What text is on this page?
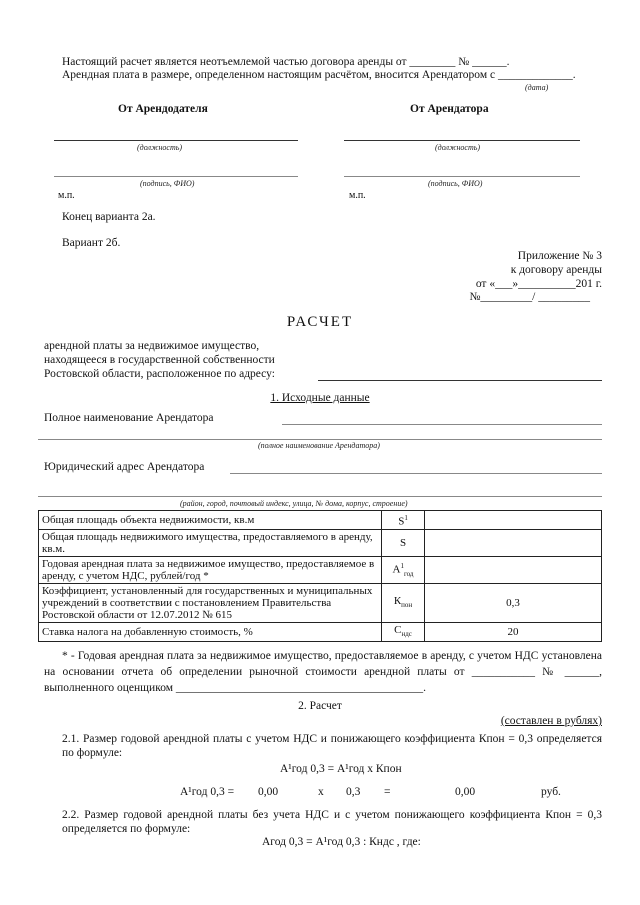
Настоящий расчет является неотъемлемой частью договора аренды от ________ № ______.
Арендная плата в размере, определенном настоящим расчётом, вносится Арендатором с _____________.
(дата)
От Арендодателя	От Арендатора
(должность)	(должность)
(подпись, ФИО)	(подпись, ФИО)
м.п.	м.п.
Конец варианта 2а.
Вариант 2б.
Приложение № 3
к договору аренды
от «___»__________201 г.
№_________/ _________
РАСЧЕТ
арендной платы за недвижимое имущество,
находящееся в государственной собственности
Ростовской области, расположенное по адресу:
1. Исходные данные
Полное наименование Арендатора
(полное наименование Арендатора)
Юридический адрес Арендатора
(район, город, почтовый индекс, улица, № дома, корпус, строение)
Общая площадь объекта недвижимости, кв.м	$S^1$	
Общая площадь недвижимого имущества, предоставляемого в аренду, кв.м.	S	
Годовая арендная плата за недвижимое имущество, предоставляемое в аренду, с учетом НДС, рублей/год *	$А^1_{год}$	
Коэффициент, установленный для государственных и муниципальных учреждений в соответствии с постановлением Правительства Ростовской области от 12.07.2012 № 615	$К_{пон}$	0,3
Ставка налога на добавленную стоимость, %	$С_{ндс}$	20
* - Годовая арендная плата за недвижимое имущество, предоставляемое в аренду, с учетом НДС установлена на основании отчета об определении рыночной стоимости арендной платы от ___________ № ______, выполненного оценщиком ___________________________________________.
2. Расчет
(составлен в рублях)
2.1. Размер годовой арендной платы с учетом НДС и понижающего коэффициента Кпон = 0,3 определяется по формуле:
А¹год 0,3 = А¹год х Кпон
А¹год 0,3 = 0,00	х 0,3 =	0,00	руб.
2.2. Размер годовой арендной платы без учета НДС и с учетом понижающего коэффициента Кпон = 0,3 определяется по формуле:
Агод 0,3 = А¹год 0,3 : Кндс , где:
